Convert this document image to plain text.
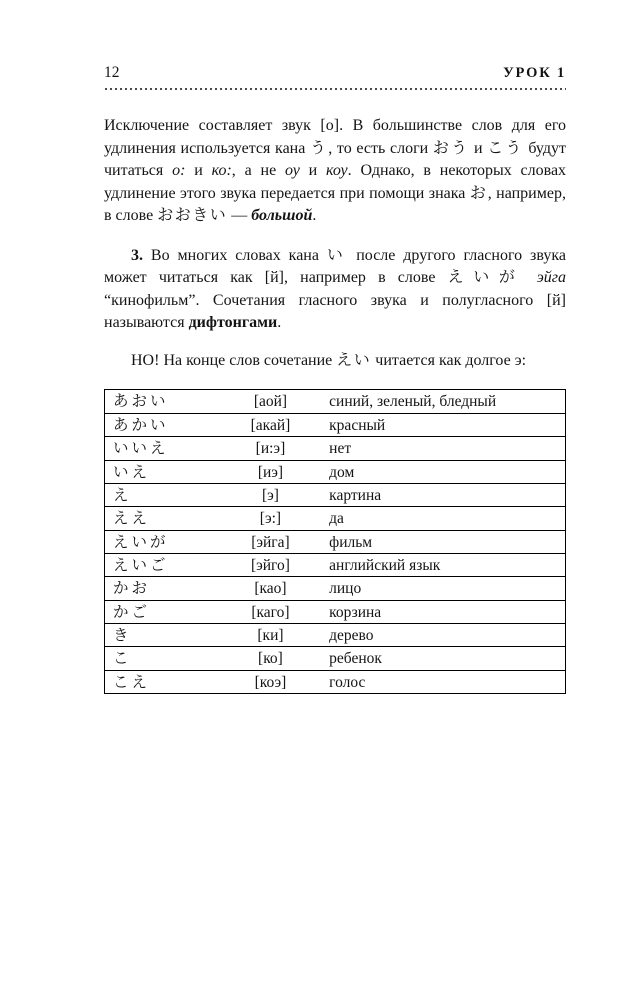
12	УРОК 1

Исключение составляет звук [о]. В большинстве слов для его удлинения используется кана う, то есть слоги おう и こう будут читаться о: и ко:, а не оу и коу. Однако, в некоторых словах удлинение этого звука передается при помощи знака お, например, в слове おおきい — большой.

3. Во многих словах кана い после другого гласного звука может читаться как [й], например в слове えいが эйга “кинофильм”. Сочетания гласного звука и полугласного [й] называются дифтонгами.

НО! На конце слов сочетание えい читается как долгое э:

あおい	[аой]	синий, зеленый, бледный
あかい	[акай]	красный
いいえ	[и:э]	нет
いえ	[иэ]	дом
え	[э]	картина
ええ	[э:]	да
えいが	[эйга]	фильм
えいご	[эйго]	английский язык
かお	[као]	лицо
かご	[каго]	корзина
き	[ки]	дерево
こ	[ко]	ребенок
こえ	[коэ]	голос
